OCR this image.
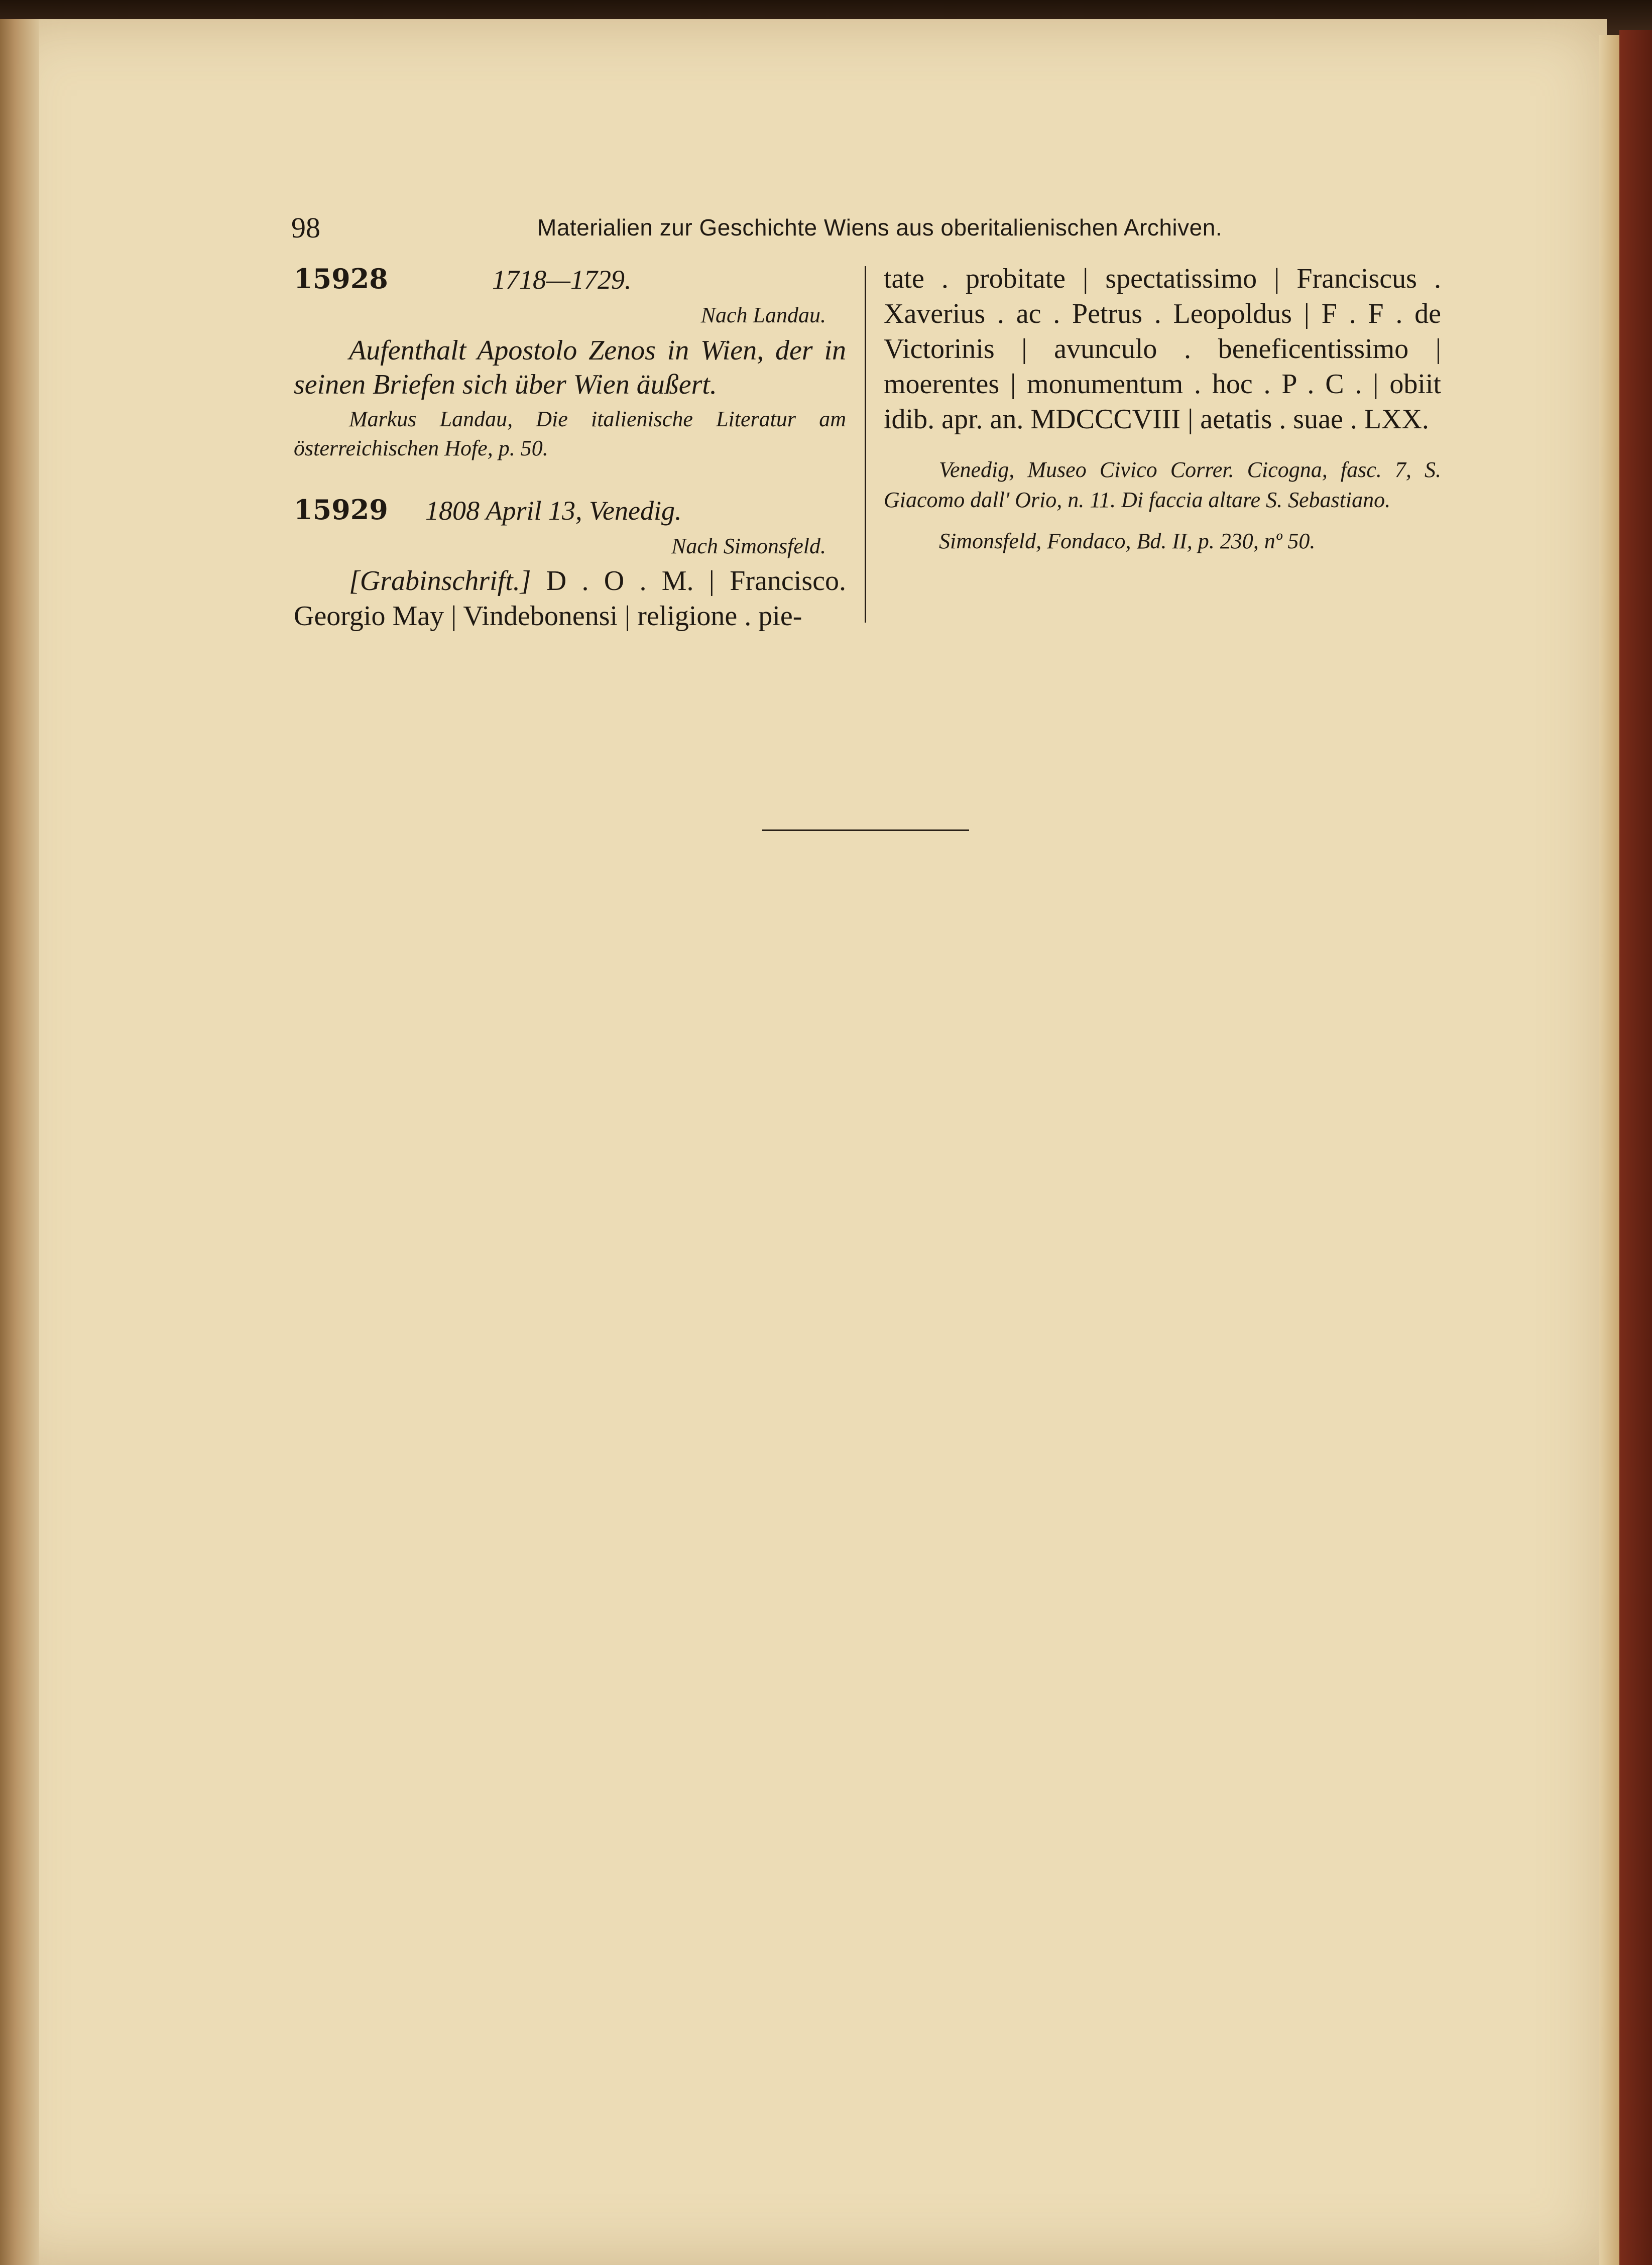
98	Materialien zur Geschichte Wiens aus oberitalienischen Archiven.
15928	1718—1729.
Nach Landau.
Aufenthalt Apostolo Zenos in Wien, der in seinen Briefen sich über Wien äußert.
Markus Landau, Die italienische Literatur am österreichischen Hofe, p. 50.
15929 1808 April 13, Venedig.
Nach Simonsfeld.
[Grabinschrift.] D . O . M. | Francisco. Georgio May | Vindebonensi | religione . pie-
tate . probitate | spectatissimo | Franciscus . Xaverius . ac . Petrus . Leopoldus | F . F . de Victorinis | avunculo . beneficentissimo | moerentes | monumentum . hoc . P . C . | obiit idib. apr. an. MDCCCVIII | aetatis . suae . LXX.
Venedig, Museo Civico Correr. Cicogna, fasc. 7, S. Giacomo dall' Orio, n. 11. Di faccia altare S. Sebastiano.
Simonsfeld, Fondaco, Bd. II, p. 230, nº 50.
